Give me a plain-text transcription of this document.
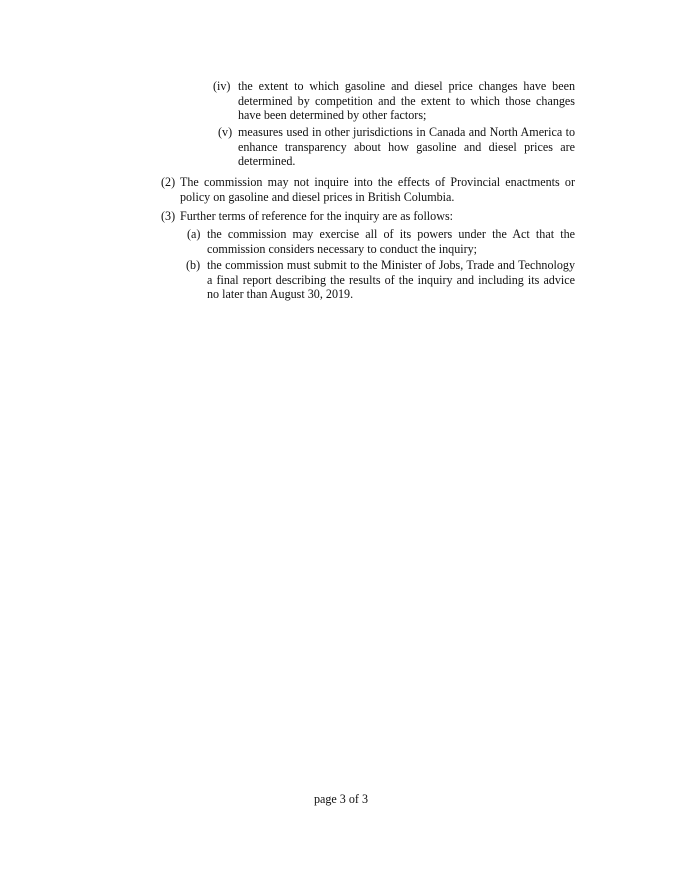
(iv) the extent to which gasoline and diesel price changes have been determined by competition and the extent to which those changes have been determined by other factors;
(v) measures used in other jurisdictions in Canada and North America to enhance transparency about how gasoline and diesel prices are determined.
(2) The commission may not inquire into the effects of Provincial enactments or policy on gasoline and diesel prices in British Columbia.
(3) Further terms of reference for the inquiry are as follows:
(a) the commission may exercise all of its powers under the Act that the commission considers necessary to conduct the inquiry;
(b) the commission must submit to the Minister of Jobs, Trade and Technology a final report describing the results of the inquiry and including its advice no later than August 30, 2019.
page 3 of 3
